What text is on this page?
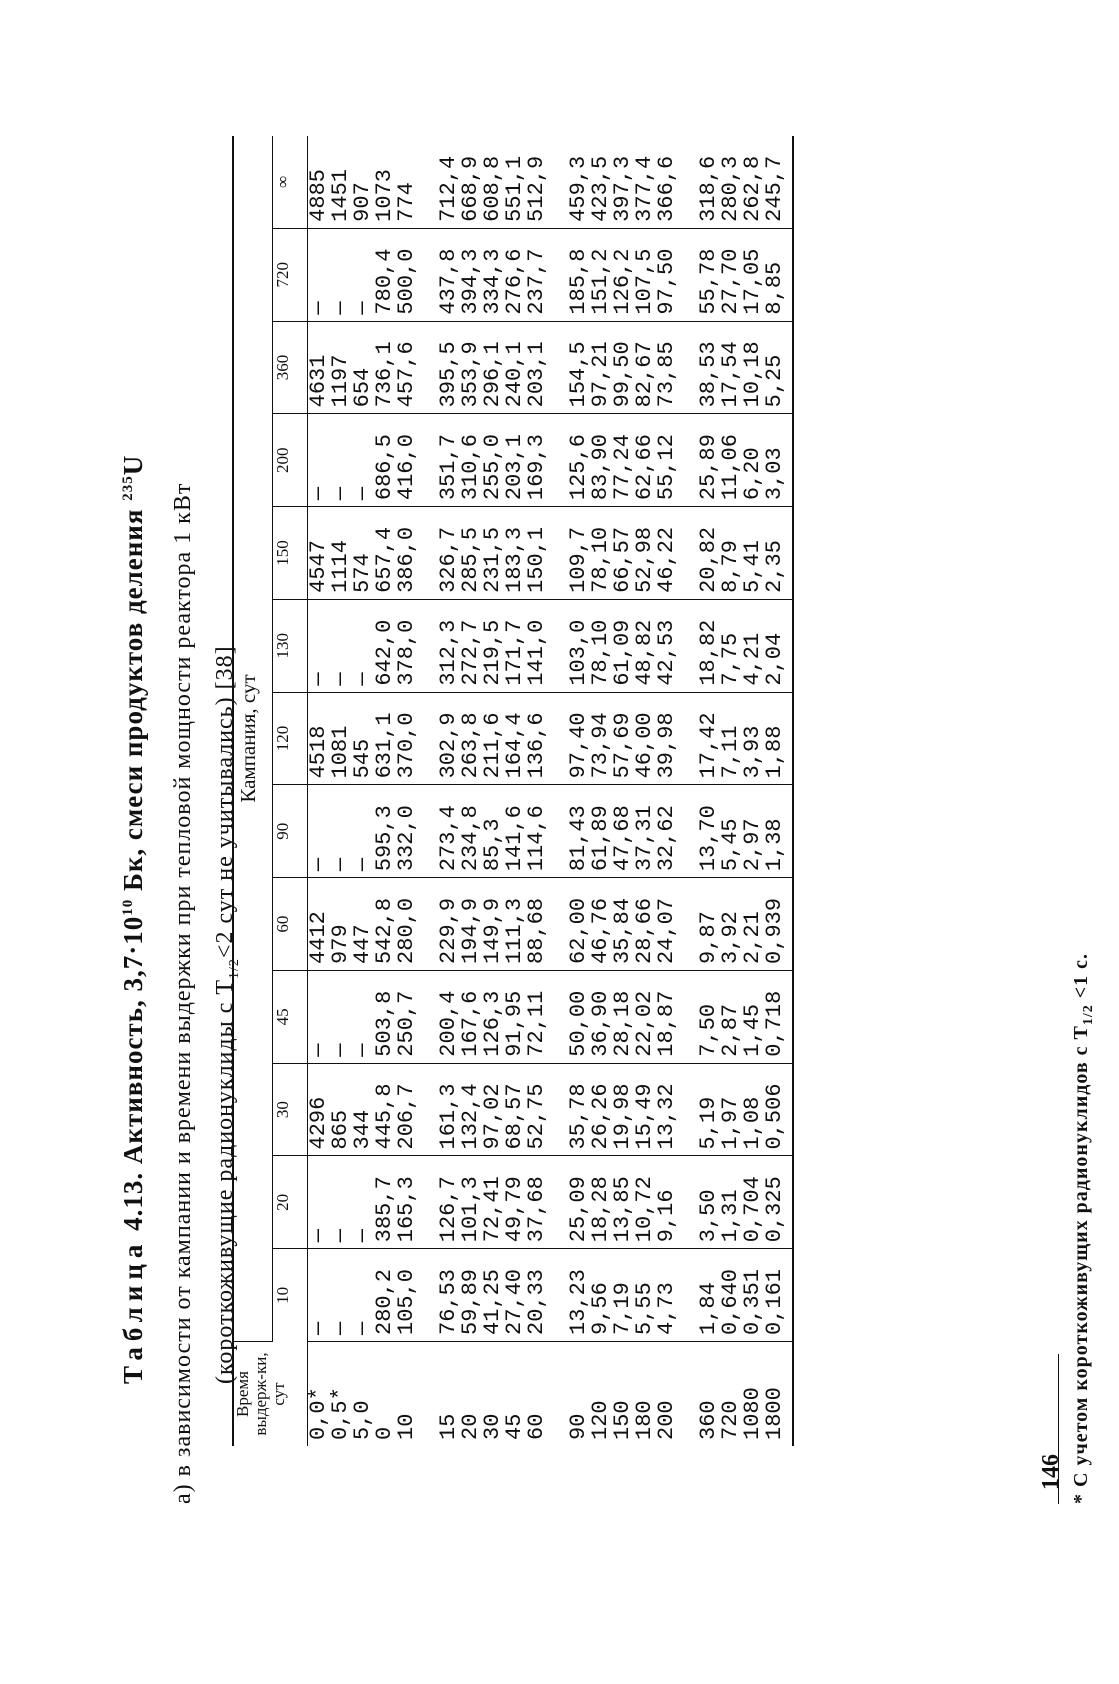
Таблица 4.13. Активность, $3,7\cdot 10^{10}$ Бк, смеси продуктов деления $^{235}$U
а) в зависимости от кампании и времени выдержки при тепловой мощности реактора 1 кВт (короткоживущие радионуклиды с $T_{1/2}<2$ сут не учитывались) [38]
146
Время выдерж-ки, сут	Кампания, сут												
	10	20	30	45	60	90	120	130	150	200	360	720	∞
0,0*	—	—	4296	—	4412	—	4518	—	4547	—	4631	—	4885
0,5*	—	—	865	—	979	—	1081	—	1114	—	1197	—	1451
5,0	—	—	344	—	447	—	545	—	574	—	654	—	907
0	280,2	385,7	445,8	503,8	542,8	595,3	631,1	642,0	657,4	686,5	736,1	780,4	1073
10	105,0	165,3	206,7	250,7	280,0	332,0	370,0	378,0	386,0	416,0	457,6	500,0	774
15	76,53	126,7	161,3	200,4	229,9	273,4	302,9	312,3	326,7	351,7	395,5	437,8	712,4
20	59,89	101,3	132,4	167,6	194,9	234,8	263,8	272,7	285,5	310,6	353,9	394,3	668,9
30	41,25	72,41	97,02	126,3	149,9	85,3	211,6	219,5	231,5	255,0	296,1	334,3	608,8
45	27,40	49,79	68,57	91,95	111,3	141,6	164,4	171,7	183,3	203,1	240,1	276,6	551,1
60	20,33	37,68	52,75	72,11	88,68	114,6	136,6	141,0	150,1	169,3	203,1	237,7	512,9
90	13,23	25,09	35,78	50,00	62,00	81,43	97,40	103,0	109,7	125,6	154,5	185,8	459,3
120	9,56	18,28	26,26	36,90	46,76	61,89	73,94	78,10	78,10	83,90	97,21	151,2	423,5
150	7,19	13,85	19,98	28,18	35,84	47,68	57,69	61,09	66,57	77,24	99,50	126,2	397,3
180	5,55	10,72	15,49	22,02	28,66	37,31	46,00	48,82	52,98	62,66	82,67	107,5	377,4
200	4,73	9,16	13,32	18,87	24,07	32,62	39,98	42,53	46,22	55,12	73,85	97,50	366,6
360	1,84	3,50	5,19	7,50	9,87	13,70	17,42	18,82	20,82	25,89	38,53	55,78	318,6
720	0,640	1,31	1,97	2,87	3,92	5,45	7,11	7,75	8,79	11,06	17,54	27,70	280,3
1080	0,351	0,704	1,08	1,45	2,21	2,97	3,93	4,21	5,41	6,20	10,18	17,05	262,8
1800	0,161	0,325	0,506	0,718	0,939	1,38	1,88	2,04	2,35	3,03	5,25	8,85	245,7
* С учетом короткоживущих радионуклидов с $T_{1/2} <1$ с.
